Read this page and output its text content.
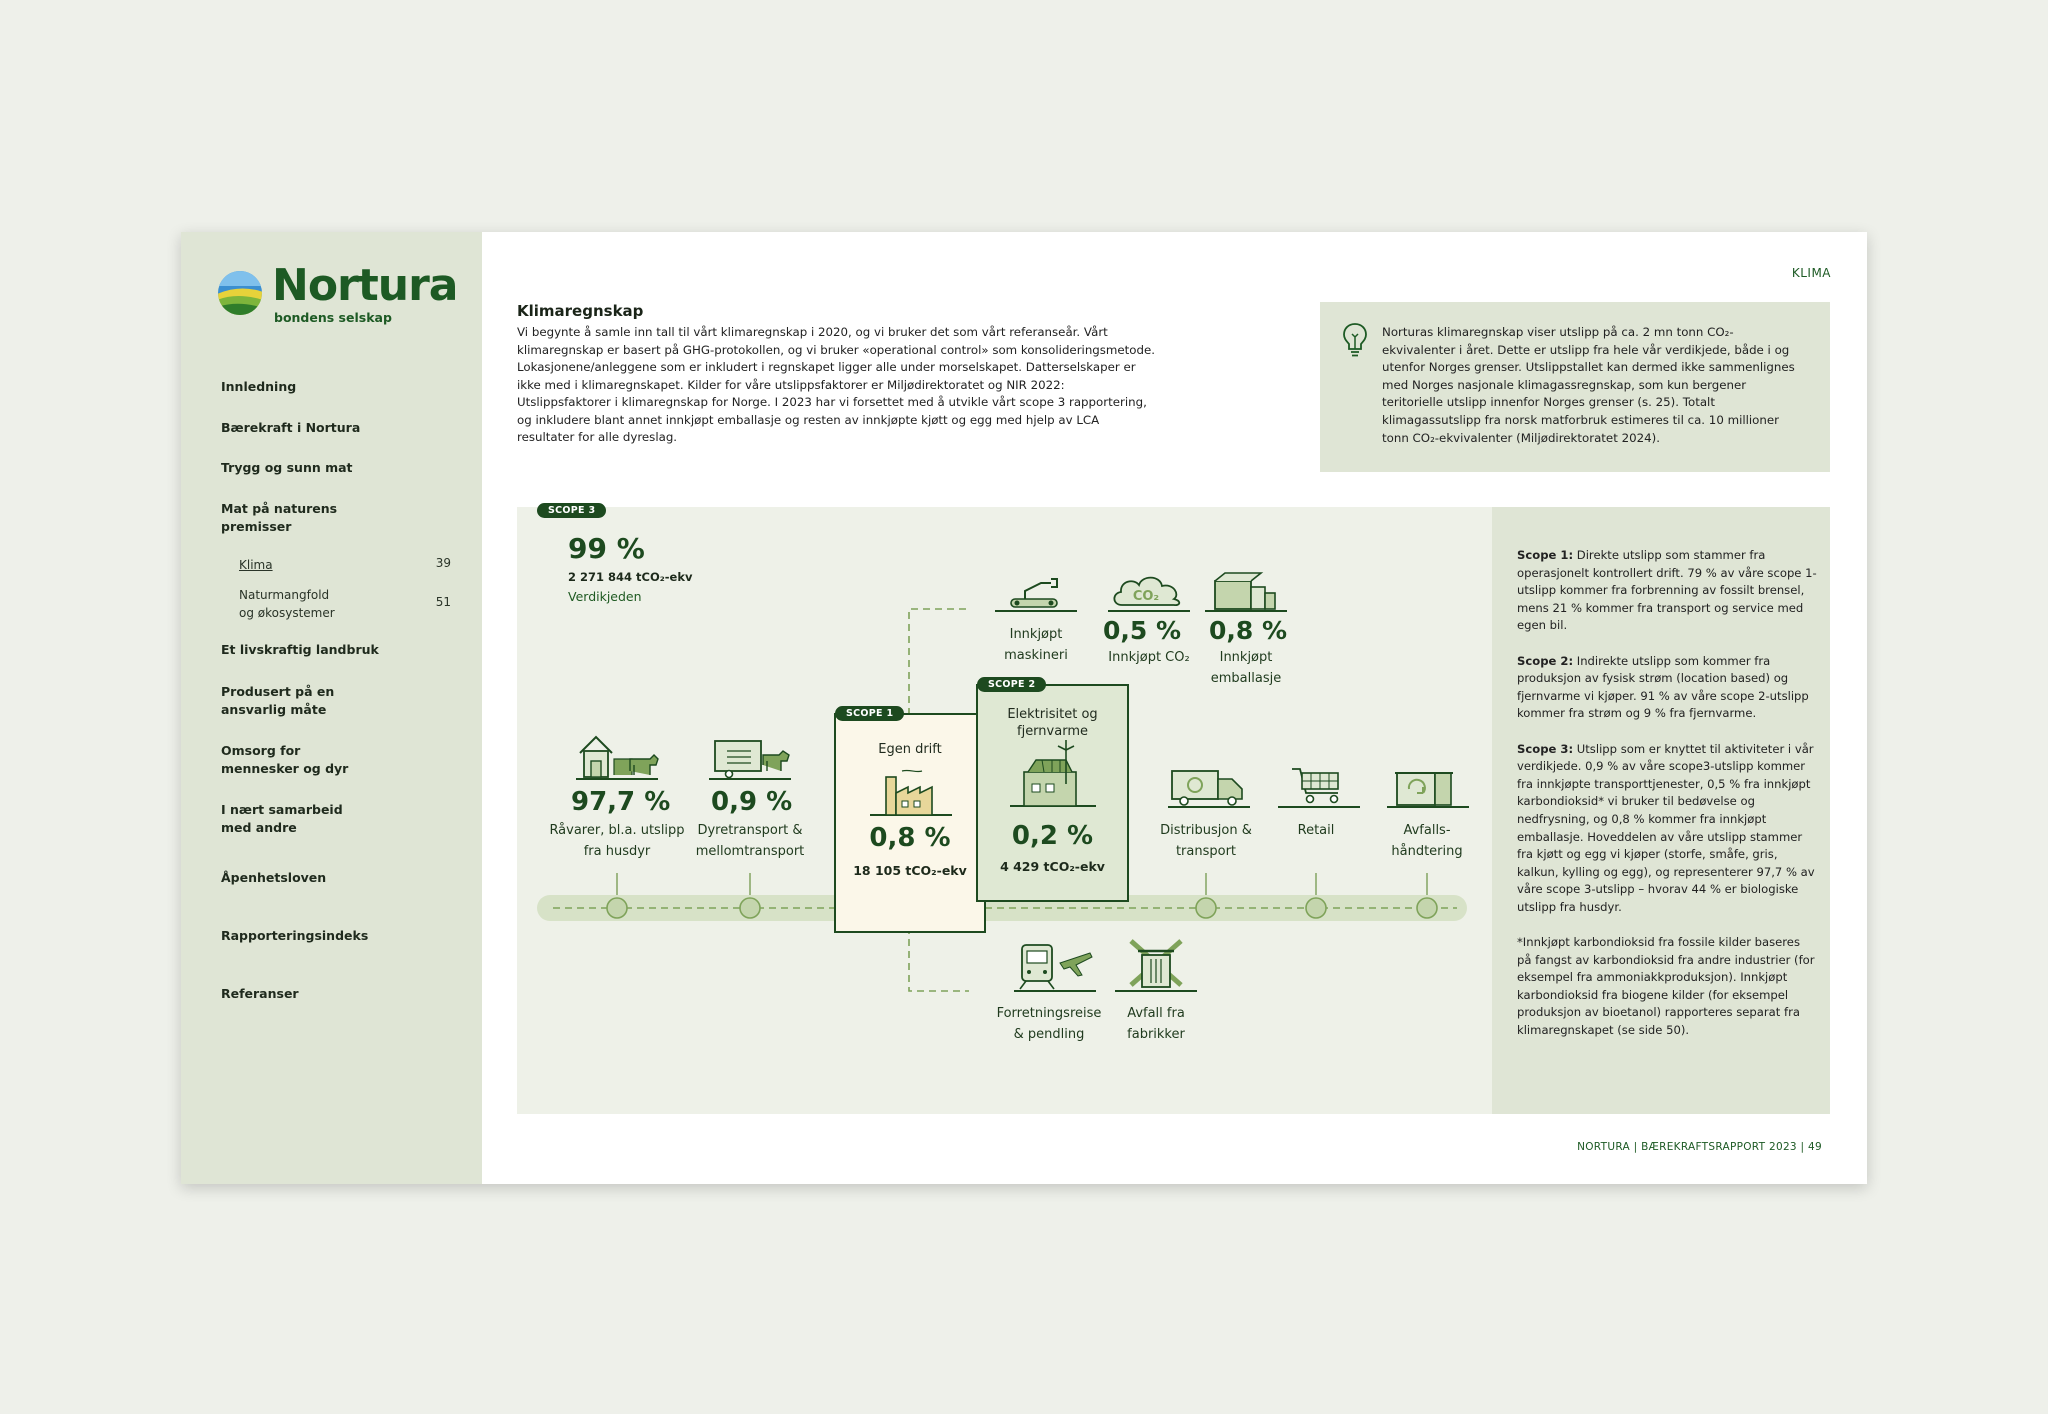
Nortura
bondens selskap
Innledning
Bærekraft i Nortura
Trygg og sunn mat
Mat på naturens
premisser
Klima	39
Naturmangfold
og økosystemer
51
Et livskraftig landbruk
Produsert på en
ansvarlig måte
Omsorg for
mennesker og dyr
I nært samarbeid
med andre
Åpenhetsloven
Rapporteringsindeks
Referanser
KLIMA
Klimaregnskap
Vi begynte å samle inn tall til vårt klimaregnskap i 2020, og vi bruker det som vårt referanseår. Vårt klimaregnskap er basert på GHG-protokollen, og vi bruker «operational control» som konsolideringsmetode. Lokasjonene/anleggene som er inkludert i regnskapet ligger alle under morselskapet. Datterselskaper er ikke med i klimaregnskapet. Kilder for våre utslippsfaktorer er Miljødirektoratet og NIR 2022: Utslippsfaktorer i klimaregnskap for Norge. I 2023 har vi forsettet med å utvikle vårt scope 3 rapportering, og inkludere blant annet innkjøpt emballasje og resten av innkjøpte kjøtt og egg med hjelp av LCA resultater for alle dyreslag.
Norturas klimaregnskap viser utslipp på ca. 2 mn tonn CO₂-ekvivalenter i året. Dette er utslipp fra hele vår verdikjede, både i og utenfor Norges grenser. Utslippstallet kan dermed ikke sammenlignes med Norges nasjonale klimagassregnskap, som kun bergener teritorielle utslipp innenfor Norges grenser (s. 25). Totalt klimagassutslipp fra norsk matforbruk estimeres til ca. 10 millioner tonn CO₂-ekvivalenter (Miljødirektoratet 2024).
SCOPE 3
99 %
2 271 844 tCO₂-ekv
Verdikjeden
Innkjøpt
maskineri
CO₂
0,5 %
Innkjøpt CO₂
0,8 %
Innkjøpt
emballasje
97,7 %
Råvarer, bl.a. utslipp
fra husdyr
0,9 %
Dyretransport &
mellomtransport
SCOPE 1
Egen drift
0,8 %
18 105 tCO₂-ekv
SCOPE 2
Elektrisitet og
fjernvarme
0,2 %
4 429 tCO₂-ekv
Distribusjon &
transport
Retail	Avfalls-
håndtering
Forretningsreise
& pendling
Avfall fra
fabrikker

Scope 1: Direkte utslipp som stammer fra operasjonelt kontrollert drift. 79 % av våre scope 1-utslipp kommer fra forbrenning av fossilt brensel, mens 21 % kommer fra transport og service med egen bil.

Scope 2: Indirekte utslipp som kommer fra produksjon av fysisk strøm (location based) og fjernvarme vi kjøper. 91 % av våre scope 2-utslipp kommer fra strøm og 9 % fra fjernvarme.

Scope 3: Utslipp som er knyttet til aktiviteter i vår verdikjede. 0,9 % av våre scope3-utslipp kommer fra innkjøpte transporttjenester, 0,5 % fra innkjøpt karbondioksid* vi bruker til bedøvelse og nedfrysning, og 0,8 % kommer fra innkjøpt emballasje. Hoveddelen av våre utslipp stammer fra kjøtt og egg vi kjøper (storfe, småfe, gris, kalkun, kylling og egg), og representerer 97,7 % av våre scope 3-utslipp – hvorav 44 % er biologiske utslipp fra husdyr.

*Innkjøpt karbondioksid fra fossile kilder baseres på fangst av karbondioksid fra andre industrier (for eksempel fra ammoniakkproduksjon). Innkjøpt karbondioksid fra biogene kilder (for eksempel produksjon av bioetanol) rapporteres separat fra klimaregnskapet (se side 50).

NORTURA | BÆREKRAFTSRAPPORT 2023 | 49
